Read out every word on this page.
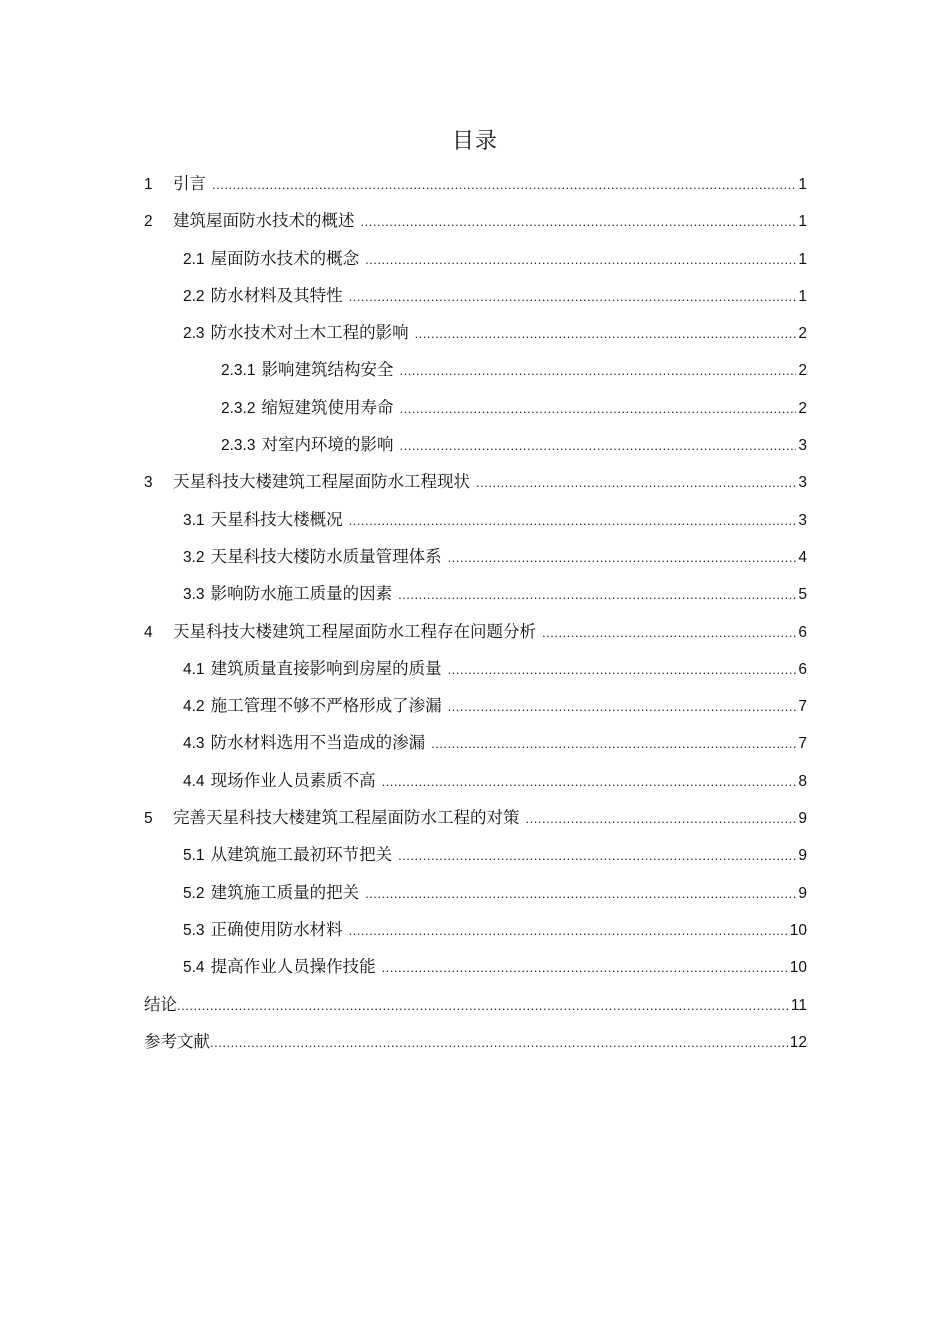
目录
1	引言 .....	1
2	建筑屋面防水技术的概述 .....	1
2.1 屋面防水技术的概念 .....	1
2.2 防水材料及其特性 .....	1
2.3 防水技术对土木工程的影响 .....	2
2.3.1 影响建筑结构安全 .....	2
2.3.2 缩短建筑使用寿命 .....	2
2.3.3 对室内环境的影响 .....	3
3	天星科技大楼建筑工程屋面防水工程现状 .....	3
3.1 天星科技大楼概况 .....	3
3.2 天星科技大楼防水质量管理体系 .....	4
3.3 影响防水施工质量的因素 .....	5
4	天星科技大楼建筑工程屋面防水工程存在问题分析 .....	6
4.1 建筑质量直接影响到房屋的质量 .....	6
4.2 施工管理不够不严格形成了渗漏 .....	7
4.3 防水材料选用不当造成的渗漏 .....	7
4.4 现场作业人员素质不高 .....	8
5	完善天星科技大楼建筑工程屋面防水工程的对策 .....	9
5.1 从建筑施工最初环节把关 .....	9
5.2 建筑施工质量的把关 .....	9
5.3 正确使用防水材料 .....	10
5.4 提高作业人员操作技能 .....	10
结论 .....	11
参考文献 .....	12
